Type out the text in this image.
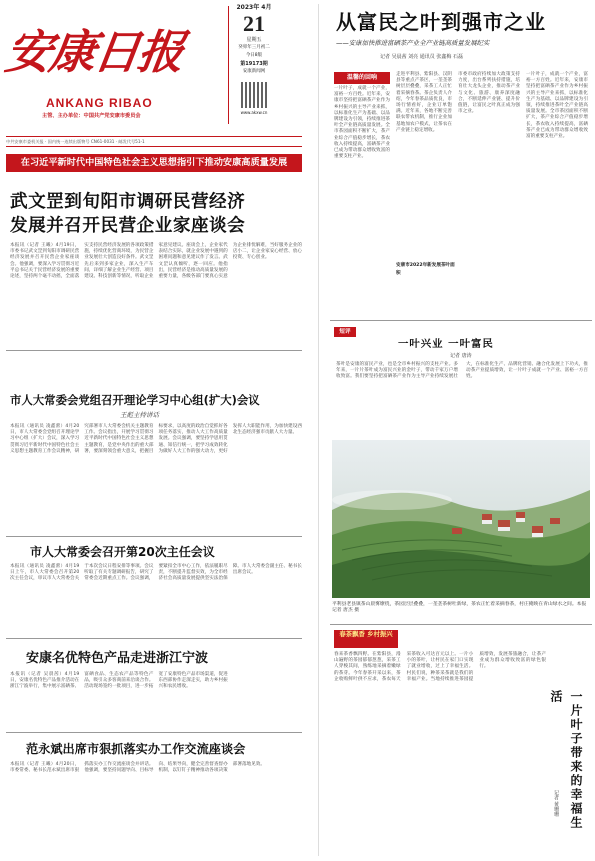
安康日报
ANKANG RIBAO
主管、主办单位：中国共产党安康市委员会
2023年 4月
21
星期五
癸卯年三月初二
今日8版
第19173期
安康新闻网
www.akxw.cn
中共安康市委机关报 · 国内统一连续出版物号 CN61-0031 · 邮发代号51-1
在习近平新时代中国特色社会主义思想指引下推动安康高质量发展
武文罡到旬阳市调研民营经济
发展并召开民营企业家座谈会
本报讯（记者 王曦）4月19日，市委书记武文罡到旬阳市调研民营经济发展并召开民营企业家座谈会。他强调，要深入学习贯彻习近平总书记关于民营经济发展的重要论述，坚持两个毫不动摇，全面落实支持民营经济发展的各项政策措施，持续优化营商环境，为民营企业发展壮大创造良好条件。武文罡先后来到多家企业，深入生产车间，详细了解企业生产经营、项目建设、科技创新等情况，听取企业家意见建议。座谈会上，企业家代表结合实际，就企业发展中遇到的困难问题和意见建议作了发言。武文罡认真倾听，逐一回应。他指出，民营经济是推动高质量发展的重要力量，各级各部门要真心实意为企业排忧解难，当好服务企业的店小二，让企业家安心经营、放心投资、专心创业。
市人大常委会党组召开理论学习中心组(扩大)会议
王彪主持讲话
本报讯（通讯员 凌鑫蕾）4月20日，市人大常委会党组召开理论学习中心组（扩大）会议，深入学习贯彻习近平新时代中国特色社会主义思想主题教育工作会议精神，研究部署市人大常委会机关主题教育工作。会议指出，开展学习贯彻习近平新时代中国特色社会主义思想主题教育，是党中央作出的重大部署，要深刻领会重大意义，把握目标要求，以高度的政治自觉抓好各项任务落实，推动人大工作高质量发展。会议强调，要坚持学思用贯通、知信行统一，把学习成效转化为做好人大工作的强大动力，更好发挥人大职能作用，为加快建设西北生态经济强市贡献人大力量。
市人大常委会召开第20次主任会议
本报讯（通讯员 凌鑫蕾）4月19日上午，市人大常委会召开第20次主任会议，审议市人大常委会关于本次会议日程安排等事项。会议听取了有关专题调研报告，研究了常委会近期重点工作。会议强调，要紧扣全市中心工作，依法履职尽责，不断提升监督实效，为全市经济社会高质量发展提供坚实法治保障。市人大常委会副主任、秘书长出席会议。
安康名优特色产品走进浙江宁波
本报讯（记者 吴晨茜）4月19日，安康名优特色产品推介活动在浙江宁波举行，集中展示富硒茶、富硒食品、生态农产品等特色产品，吸引众多客商前来洽谈合作。活动现场签约一批项目，进一步拓宽了安康特色产品市场渠道，促进东西部协作走深走实，助力乡村振兴和农民增收。
范永斌出席市狠抓落实办工作交流座谈会
本报讯（记者 王曦）4月20日，市委常委、秘书长范永斌出席市狠抓落实办工作交流座谈会并讲话。他强调，要坚持问题导向、目标导向、结果导向，健全完善督查督办机制，以钉钉子精神推动各项决策部署落地见效。
从富民之叶到强市之业
——安康加快推进富硒茶产业全产业链高质量发展纪实
记者 吴晨茜 刘亮 通讯员 张鑫梅 石磊
温馨的回响
一片叶子，成就一个产业，富裕一方百姓。近年来，安康市坚持把富硒茶产业作为乡村振兴的主导产业来抓，以标准化生产为基础、以品牌建设为引领，持续推进茶叶全产业链高质量发展。全市茶园面积不断扩大，茶产业综合产值稳步增长，茶农收入持续提高，富硒茶产业已成为带动群众增收致富的重要支柱产业。
走进平利县、紫阳县、汉阴县等重点产茶区，一垄垄茶树层层叠叠，采茶工人正忙着采摘春茶。茶企负责人介绍，今年春茶品质优良，市场行情看好，企业订单饱满。近年来，各地不断完善联农带农机制，推行企业加基地加农户模式，让茶农在产业链上稳定增收。
市委市政府持续加大政策支持力度，出台系列扶持措施，培育壮大龙头企业，推动茶产业与文化、旅游、康养深度融合，不断延伸产业链、提升价值链，让富民之叶真正成为强市之业。
一片叶子，成就一个产业，富裕一方百姓。近年来，安康市坚持把富硒茶产业作为乡村振兴的主导产业来抓，以标准化生产为基础、以品牌建设为引领，持续推进茶叶全产业链高质量发展。全市茶园面积不断扩大，茶产业综合产值稳步增长，茶农收入持续提高，富硒茶产业已成为带动群众增收致富的重要支柱产业。
安康市2022年新发展茶叶面积
短评
一叶兴业 一叶富民
记者 唐涛
茶叶是安康的富民产业，也是全市乡村振兴的支柱产业。多年来，一片片茶叶成为富民兴业的金叶子，带动千家万户增收致富。我们要坚持把富硒茶产业作为主导产业持续发展壮大，在标准化生产、品牌化营销、融合化发展上下功夫，推动茶产业提质增效，让一片叶子成就一个产业、富裕一方百姓。
平利县老县镇茶山晨雾缭绕，茶园层层叠叠，一垄垄茶树吐新绿，茶农正忙着采摘春茶，村庄掩映在青山绿水之间。本报记者 唐杰 摄
春茶飘香 乡村振兴
春来茶香飘四野。在紫阳县，漫山遍野的茶园郁郁葱葱，采茶工人穿梭其间，熟练地采摘着嫩绿的茶芽。今年春茶开采以来，茶企收购鲜叶供不应求，茶农每天采茶收入可达百元以上。一片小小的茶叶，让村民在家门口实现了就业增收，过上了幸福生活。村民们说，种茶采茶就是我们的幸福产业。当地持续推进茶园提质增效，发展茶旅融合，让茶产业成为群众增收致富的绿色银行。
一片叶子带来的幸福生活
记者 黄珊珊
